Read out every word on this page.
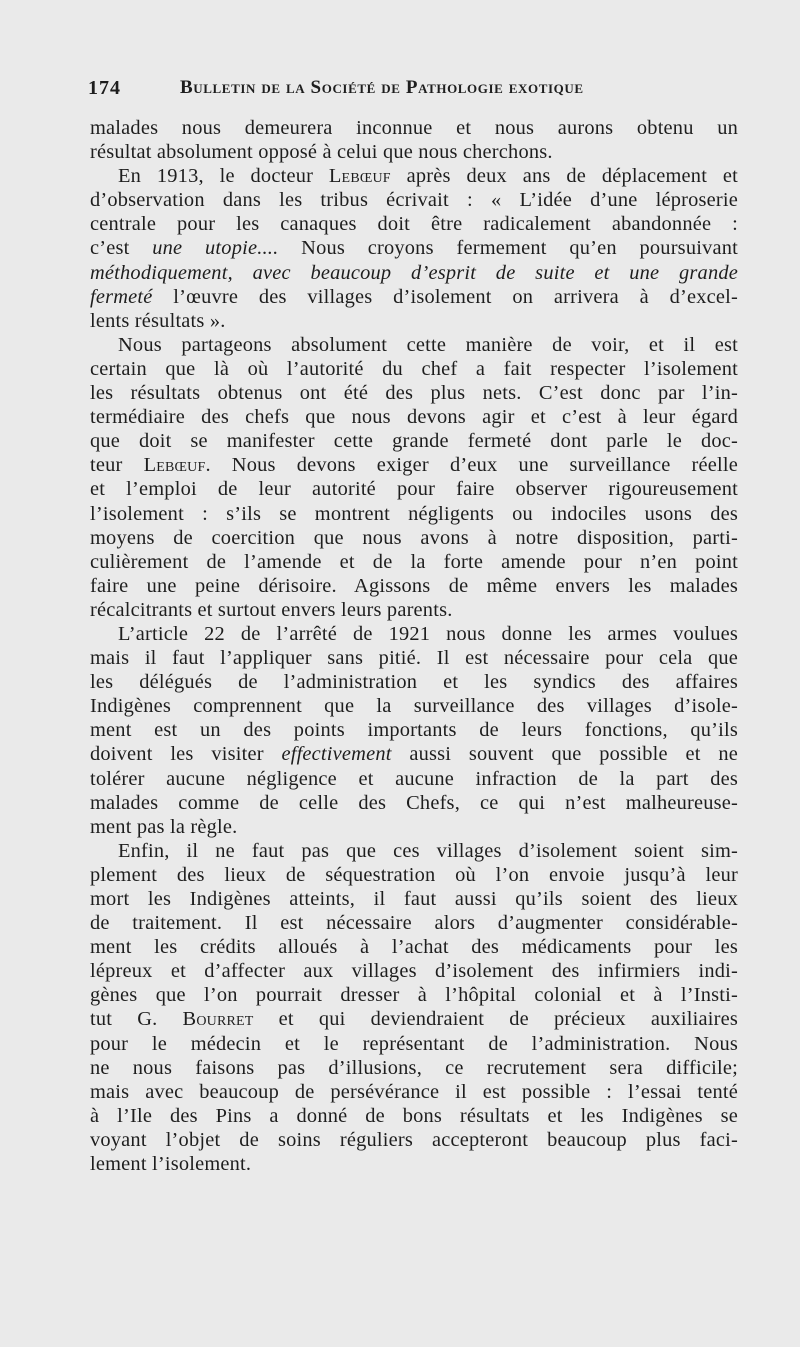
174	Bulletin de la Société de Pathologie exotique
malades nous demeurera inconnue et nous aurons obtenu un
résultat absolument opposé à celui que nous cherchons.
En 1913, le docteur Lebœuf après deux ans de déplacement et
d’observation dans les tribus écrivait : « L’idée d’une léproserie
centrale pour les canaques doit être radicalement abandonnée :
c’est une utopie.... Nous croyons fermement qu’en poursuivant
méthodiquement, avec beaucoup d’esprit de suite et une grande
fermeté l’œuvre des villages d’isolement on arrivera à d’excel-
lents résultats ».
Nous partageons absolument cette manière de voir, et il est
certain que là où l’autorité du chef a fait respecter l’isolement
les résultats obtenus ont été des plus nets. C’est donc par l’in-
termédiaire des chefs que nous devons agir et c’est à leur égard
que doit se manifester cette grande fermeté dont parle le doc-
teur Lebœuf. Nous devons exiger d’eux une surveillance réelle
et l’emploi de leur autorité pour faire observer rigoureusement
l’isolement : s’ils se montrent négligents ou indociles usons des
moyens de coercition que nous avons à notre disposition, parti-
culièrement de l’amende et de la forte amende pour n’en point
faire une peine dérisoire. Agissons de même envers les malades
récalcitrants et surtout envers leurs parents.
L’article 22 de l’arrêté de 1921 nous donne les armes voulues
mais il faut l’appliquer sans pitié. Il est nécessaire pour cela que
les délégués de l’administration et les syndics des affaires
Indigènes comprennent que la surveillance des villages d’isole-
ment est un des points importants de leurs fonctions, qu’ils
doivent les visiter effectivement aussi souvent que possible et ne
tolérer aucune négligence et aucune infraction de la part des
malades comme de celle des Chefs, ce qui n’est malheureuse-
ment pas la règle.
Enfin, il ne faut pas que ces villages d’isolement soient sim-
plement des lieux de séquestration où l’on envoie jusqu’à leur
mort les Indigènes atteints, il faut aussi qu’ils soient des lieux
de traitement. Il est nécessaire alors d’augmenter considérable-
ment les crédits alloués à l’achat des médicaments pour les
lépreux et d’affecter aux villages d’isolement des infirmiers indi-
gènes que l’on pourrait dresser à l’hôpital colonial et à l’Insti-
tut G. Bourret et qui deviendraient de précieux auxiliaires
pour le médecin et le représentant de l’administration. Nous
ne nous faisons pas d’illusions, ce recrutement sera difficile;
mais avec beaucoup de persévérance il est possible : l’essai tenté
à l’Ile des Pins a donné de bons résultats et les Indigènes se
voyant l’objet de soins réguliers accepteront beaucoup plus faci-
lement l’isolement.
